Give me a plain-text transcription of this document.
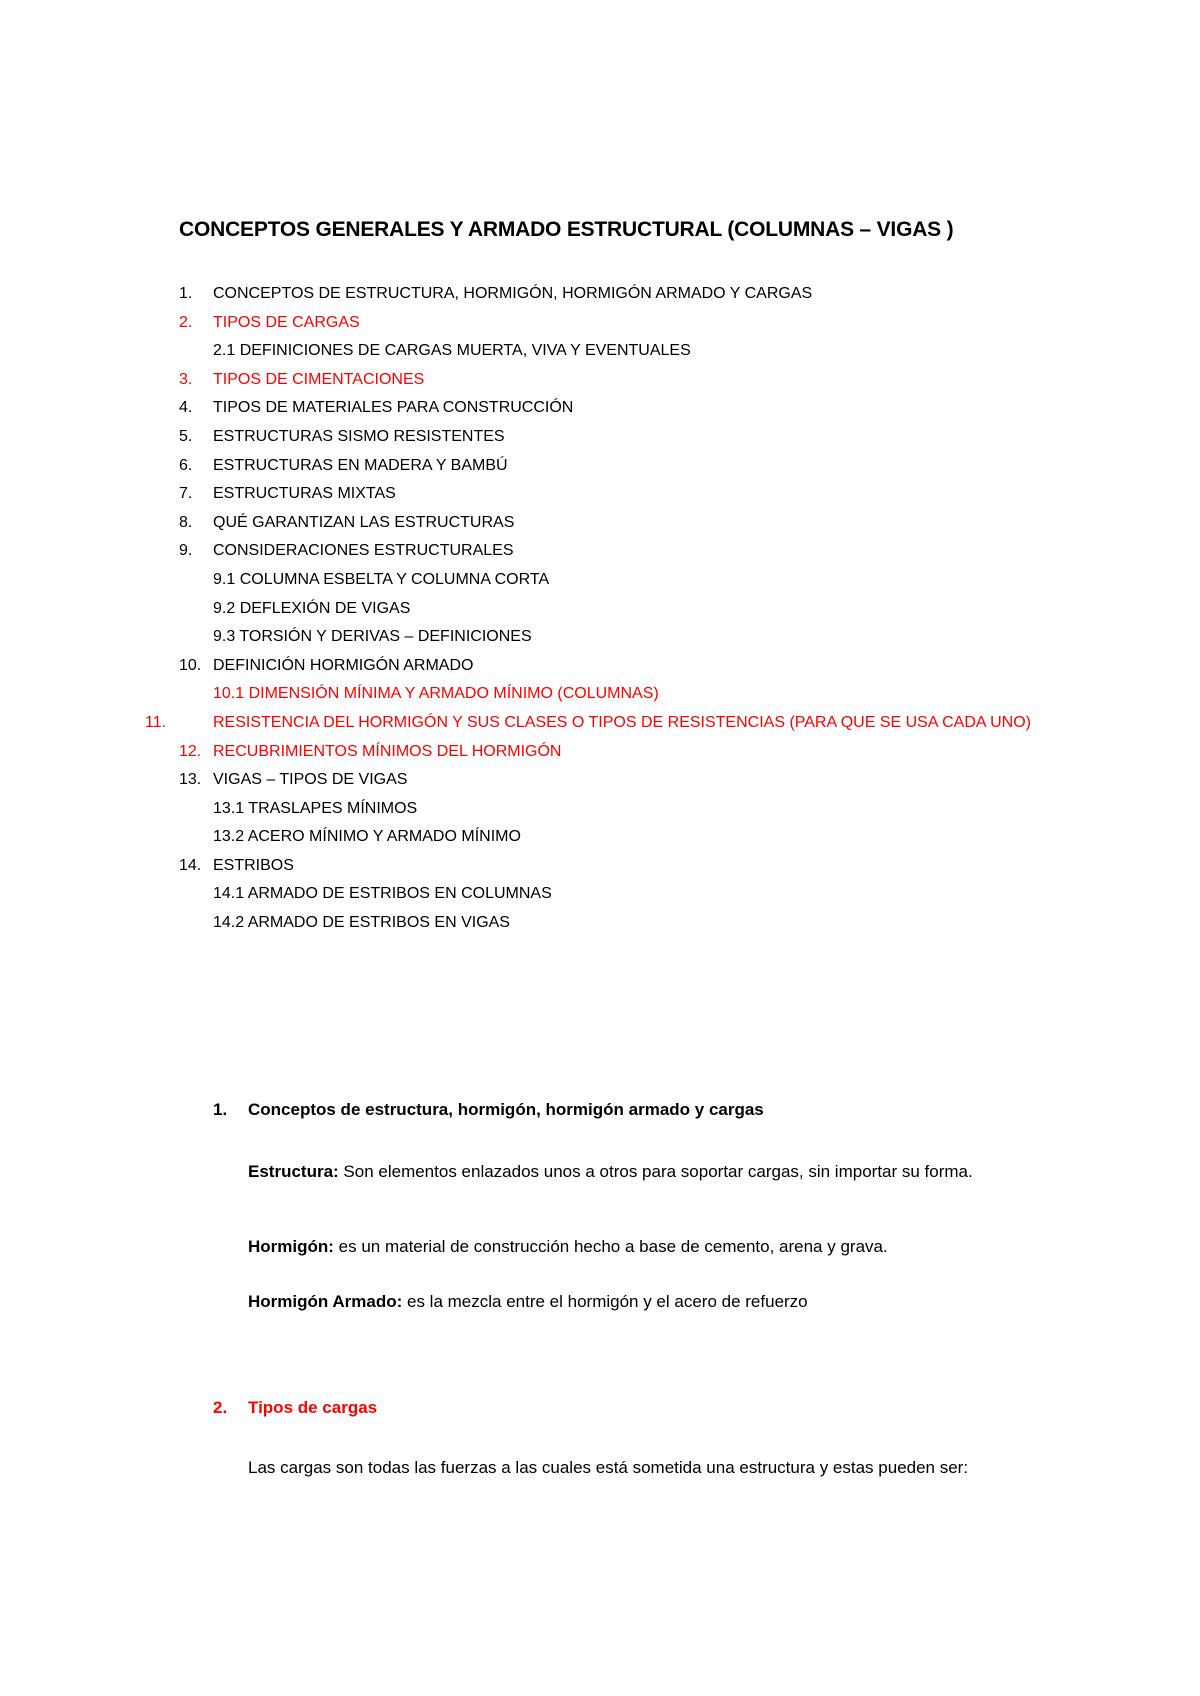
CONCEPTOS GENERALES Y ARMADO ESTRUCTURAL (COLUMNAS – VIGAS )
1. CONCEPTOS DE ESTRUCTURA, HORMIGÓN, HORMIGÓN ARMADO Y CARGAS
2. TIPOS DE CARGAS
2.1 DEFINICIONES DE CARGAS MUERTA, VIVA Y EVENTUALES
3. TIPOS DE CIMENTACIONES
4. TIPOS DE MATERIALES PARA CONSTRUCCIÓN
5. ESTRUCTURAS SISMO RESISTENTES
6. ESTRUCTURAS EN MADERA Y BAMBÚ
7. ESTRUCTURAS MIXTAS
8. QUÉ GARANTIZAN LAS ESTRUCTURAS
9. CONSIDERACIONES ESTRUCTURALES
9.1 COLUMNA ESBELTA Y COLUMNA CORTA
9.2 DEFLEXIÓN DE VIGAS
9.3 TORSIÓN Y DERIVAS – DEFINICIONES
10. DEFINICIÓN HORMIGÓN ARMADO
10.1 DIMENSIÓN MÍNIMA Y ARMADO MÍNIMO (COLUMNAS)
11.	RESISTENCIA DEL HORMIGÓN Y SUS CLASES O TIPOS DE RESISTENCIAS (PARA QUE SE USA CADA UNO)
12. RECUBRIMIENTOS MÍNIMOS DEL HORMIGÓN
13. VIGAS – TIPOS DE VIGAS
13.1 TRASLAPES MÍNIMOS
13.2 ACERO MÍNIMO Y ARMADO MÍNIMO
14. ESTRIBOS
14.1 ARMADO DE ESTRIBOS EN COLUMNAS
14.2 ARMADO DE ESTRIBOS EN VIGAS
1. Conceptos de estructura, hormigón, hormigón armado y cargas

Estructura: Son elementos enlazados unos a otros para soportar cargas, sin importar su forma.

Hormigón: es un material de construcción hecho a base de cemento, arena y grava.

Hormigón Armado: es la mezcla entre el hormigón y el acero de refuerzo

2. Tipos de cargas

Las cargas son todas las fuerzas a las cuales está sometida una estructura y estas pueden ser:
